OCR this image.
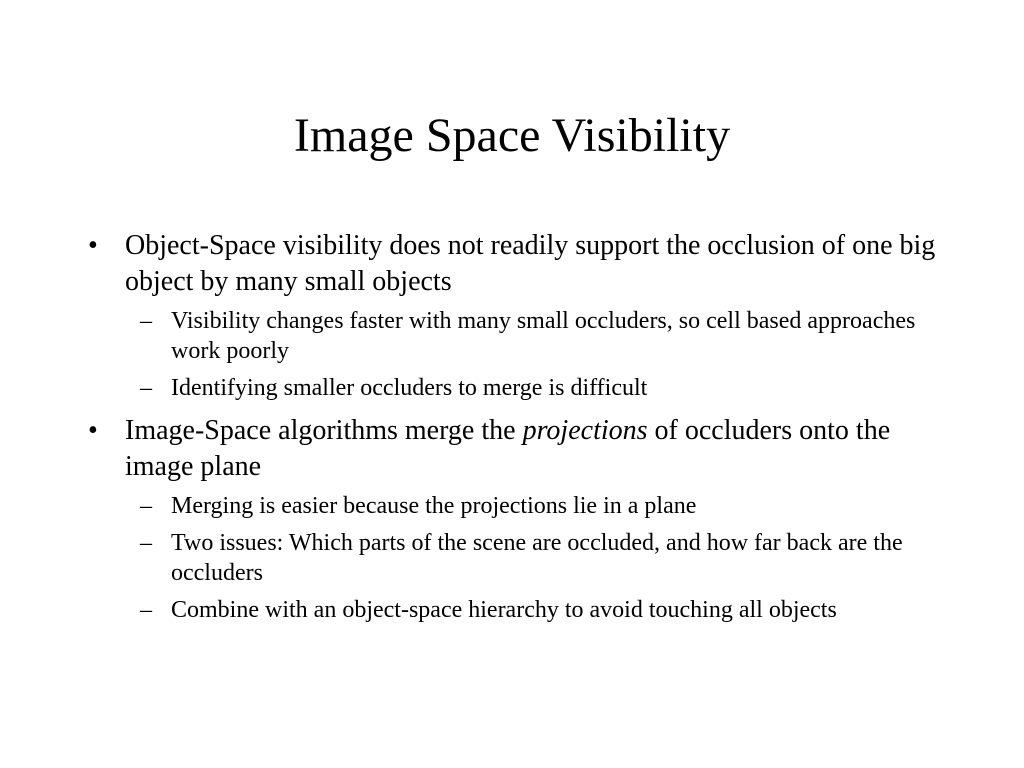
Image Space Visibility
• Object-Space visibility does not readily support the occlusion of one big object by many small objects
– Visibility changes faster with many small occluders, so cell based approaches work poorly
– Identifying smaller occluders to merge is difficult
• Image-Space algorithms merge the projections of occluders onto the image plane
– Merging is easier because the projections lie in a plane
– Two issues: Which parts of the scene are occluded, and how far back are the occluders
– Combine with an object-space hierarchy to avoid touching all objects
